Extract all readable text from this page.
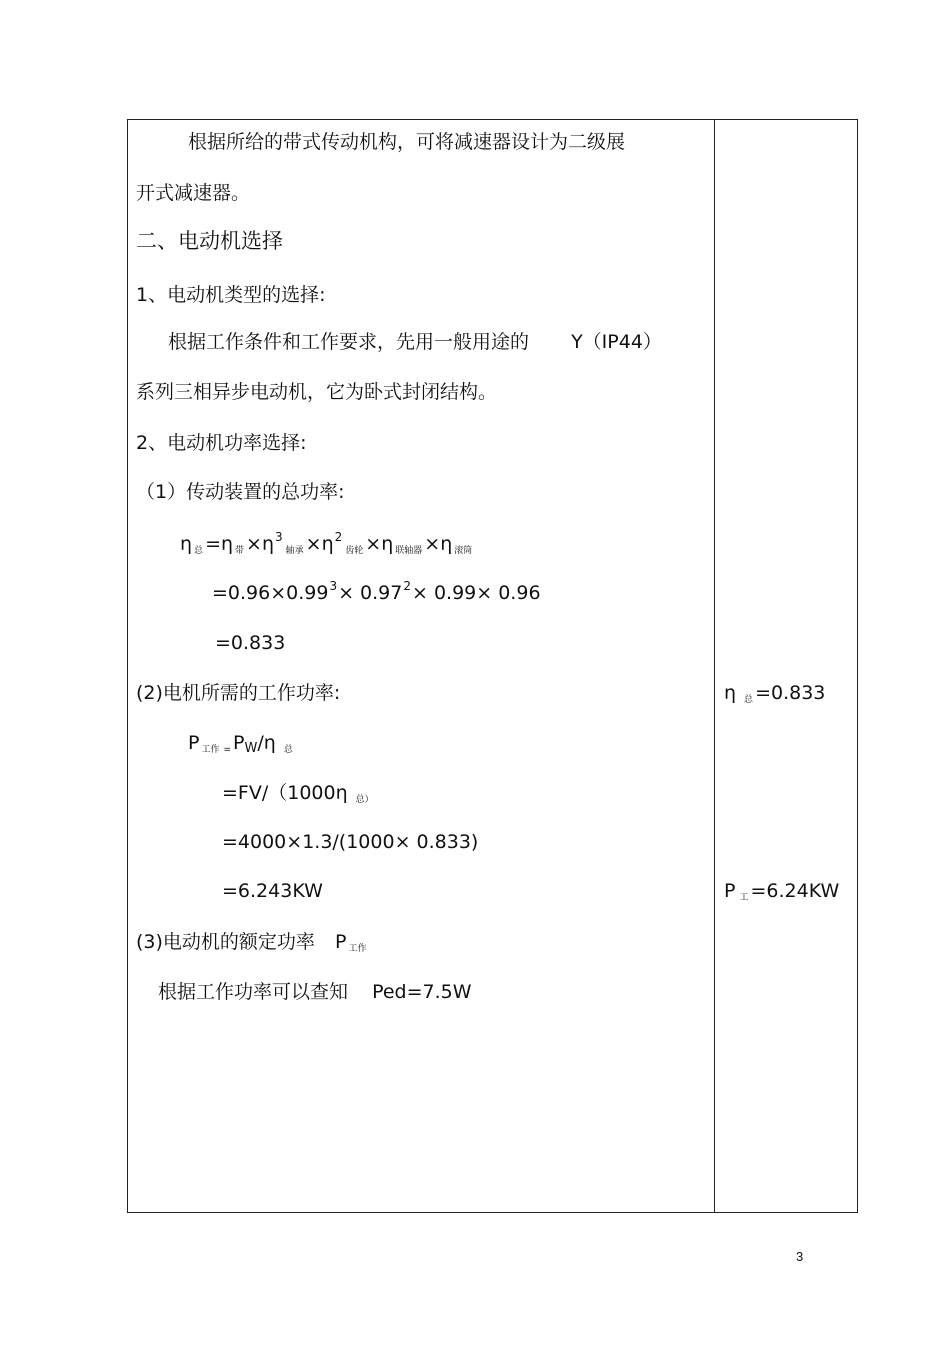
根据所给的带式传动机构，可将减速器设计为二级展
开式减速器。
二、电动机选择
1、电动机类型的选择:
根据工作条件和工作要求，先用一般用途的 Y（IP44）
系列三相异步电动机，它为卧式封闭结构。
2、电动机功率选择:
（1）传动装置的总功率:
η $_总$ =η $_带 \times\eta^3_{轴承} \times\eta^2_{齿轮} \times\eta$ $_{联轴器}$ ×η $_{滚筒}$
$=0.96\times 0.99^3\times 0.97^2\times 0.99\times 0.96$
=0.833
(2)电机所需的工作功率:
P $_{工作}$ $_=$ PW/η $_总$
=FV/（1000η $_{总)}$
=4000×1.3/(1000× 0.833)
=6.243KW
(3)电动机的额定功率 P $_{工作}$
根据工作功率可以查知 Ped=7.5W
η $_总$ =0.833
P $_工$ =6.24KW
3
